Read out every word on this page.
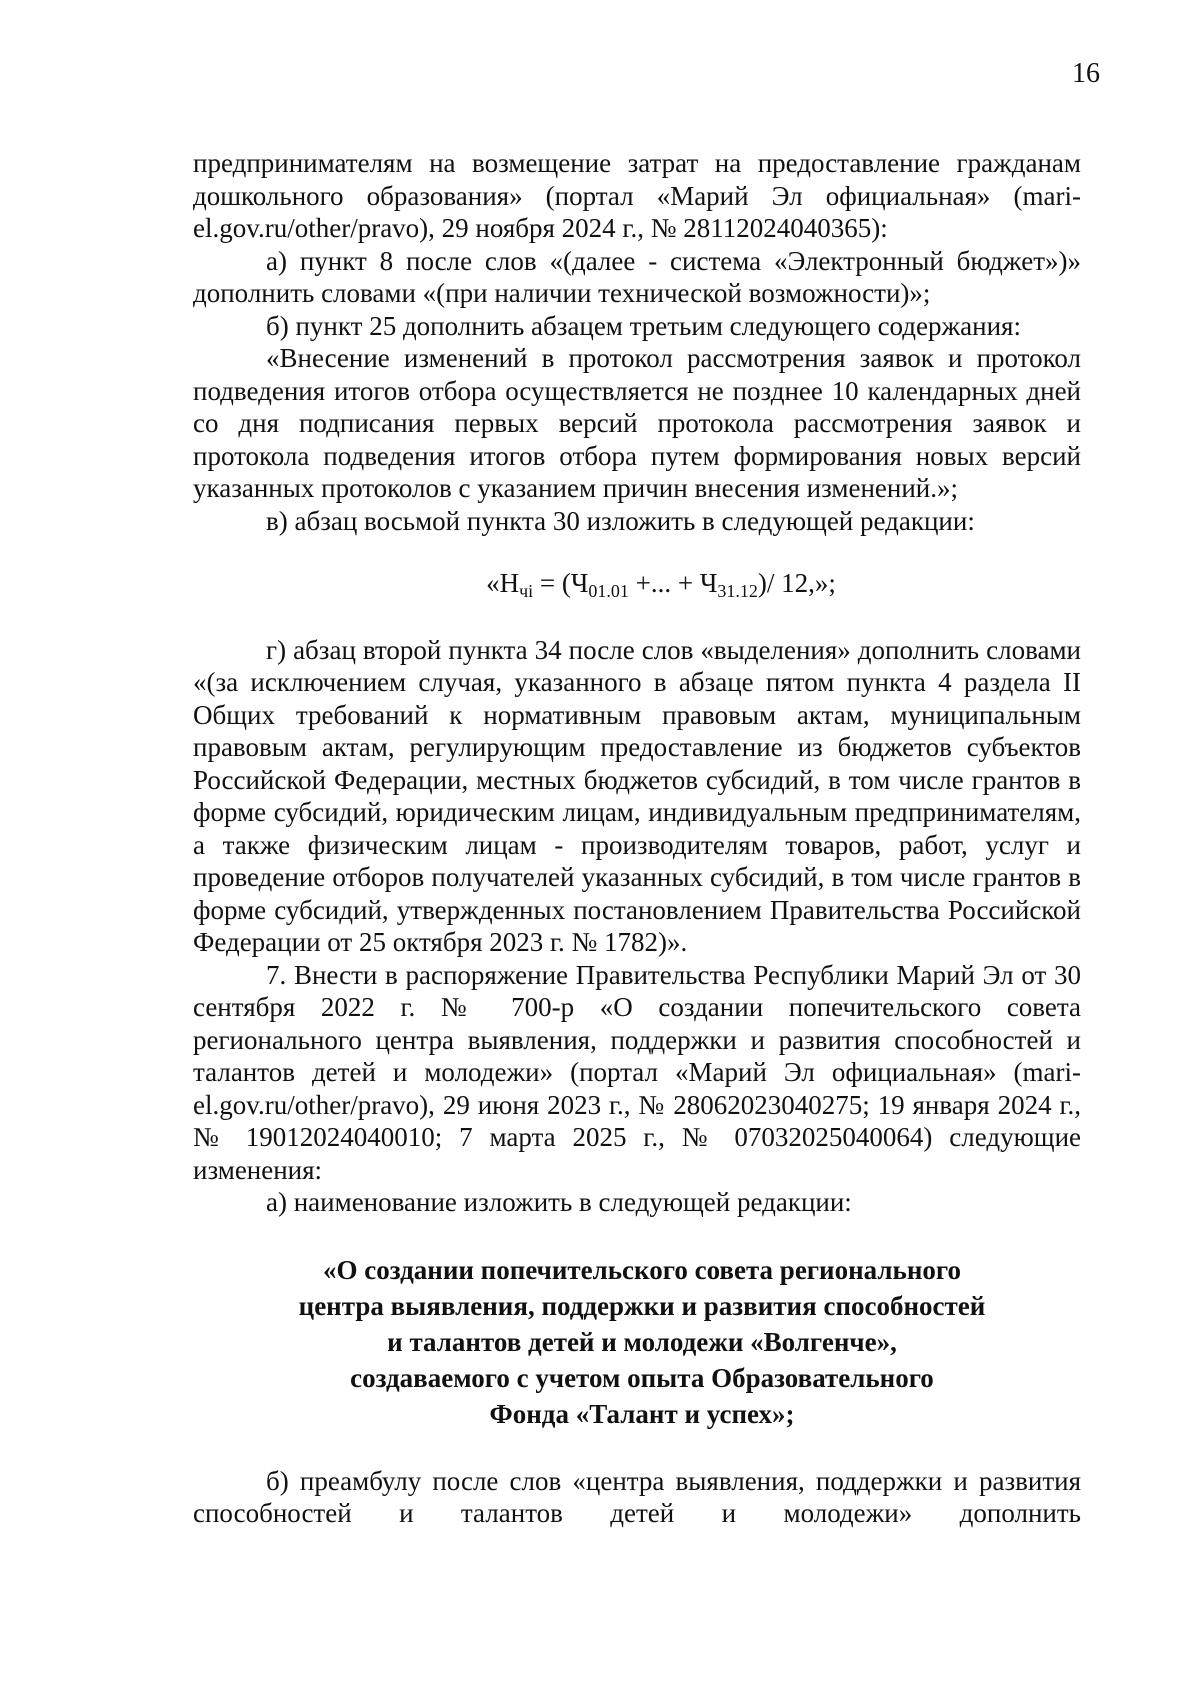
16
предпринимателям на возмещение затрат на предоставление гражданам дошкольного образования» (портал «Марий Эл официальная» (mari-el.gov.ru/other/pravo), 29 ноября 2024 г., № 28112024040365):
а) пункт 8 после слов «(далее - система «Электронный бюджет»)» дополнить словами «(при наличии технической возможности)»;
б) пункт 25 дополнить абзацем третьим следующего содержания:
«Внесение изменений в протокол рассмотрения заявок и протокол подведения итогов отбора осуществляется не позднее 10 календарных дней со дня подписания первых версий протокола рассмотрения заявок и протокола подведения итогов отбора путем формирования новых версий указанных протоколов с указанием причин внесения изменений.»;
в) абзац восьмой пункта 30 изложить в следующей редакции:
«$Н_{чi} = (Ч_{01.01}$ +... + $Ч_{31.12})/$ 12,»;
г) абзац второй пункта 34 после слов «выделения» дополнить словами «(за исключением случая, указанного в абзаце пятом пункта 4 раздела II Общих требований к нормативным правовым актам, муниципальным правовым актам, регулирующим предоставление из бюджетов субъектов Российской Федерации, местных бюджетов субсидий, в том числе грантов в форме субсидий, юридическим лицам, индивидуальным предпринимателям, а также физическим лицам - производителям товаров, работ, услуг и проведение отборов получателей указанных субсидий, в том числе грантов в форме субсидий, утвержденных постановлением Правительства Российской Федерации от 25 октября 2023 г. № 1782)».
7. Внести в распоряжение Правительства Республики Марий Эл от 30 сентября 2022 г. № 700-р «О создании попечительского совета регионального центра выявления, поддержки и развития способностей и талантов детей и молодежи» (портал «Марий Эл официальная» (mari-el.gov.ru/other/pravo), 29 июня 2023 г., № 28062023040275; 19 января 2024 г., № 19012024040010; 7 марта 2025 г., № 07032025040064) следующие изменения:
а) наименование изложить в следующей редакции:
«О создании попечительского совета регионального
центра выявления, поддержки и развития способностей
и талантов детей и молодежи «Волгенче»,
создаваемого с учетом опыта Образовательного
Фонда «Талант и успех»;
б) преамбулу после слов «центра выявления, поддержки и развития способностей и талантов детей и молодежи» дополнить
